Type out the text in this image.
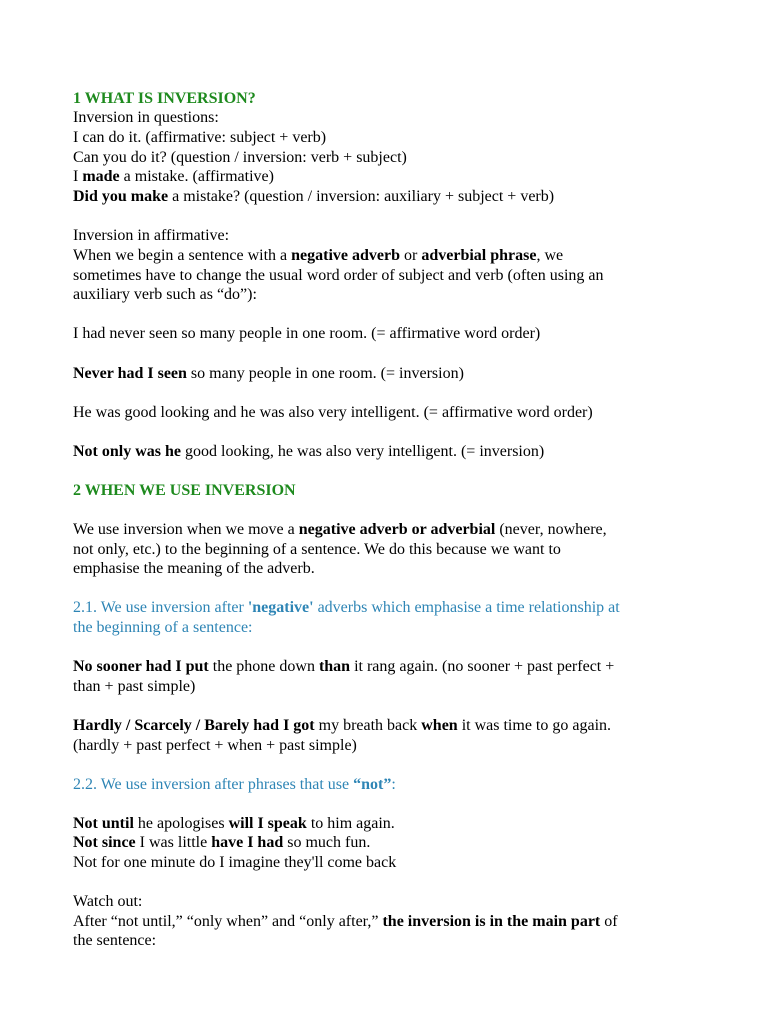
1 WHAT IS INVERSION?
Inversion in questions:
I can do it. (affirmative: subject + verb)
Can you do it? (question / inversion: verb + subject)
I made a mistake. (affirmative)
Did you make a mistake? (question / inversion: auxiliary + subject + verb)
Inversion in affirmative:
When we begin a sentence with a negative adverb or adverbial phrase, we
sometimes have to change the usual word order of subject and verb (often using an
auxiliary verb such as “do”):
I had never seen so many people in one room. (= affirmative word order)
Never had I seen so many people in one room. (= inversion)
He was good looking and he was also very intelligent. (= affirmative word order)
Not only was he good looking, he was also very intelligent. (= inversion)
2 WHEN WE USE INVERSION
We use inversion when we move a negative adverb or adverbial (never, nowhere,
not only, etc.) to the beginning of a sentence. We do this because we want to
emphasise the meaning of the adverb.
2.1. We use inversion after 'negative' adverbs which emphasise a time relationship at
the beginning of a sentence:
No sooner had I put the phone down than it rang again. (no sooner + past perfect +
than + past simple)
Hardly / Scarcely / Barely had I got my breath back when it was time to go again.
(hardly + past perfect + when + past simple)
2.2. We use inversion after phrases that use “not”:
Not until he apologises will I speak to him again.
Not since I was little have I had so much fun.
Not for one minute do I imagine they'll come back
Watch out:
After “not until,” “only when” and “only after,” the inversion is in the main part of
the sentence:
